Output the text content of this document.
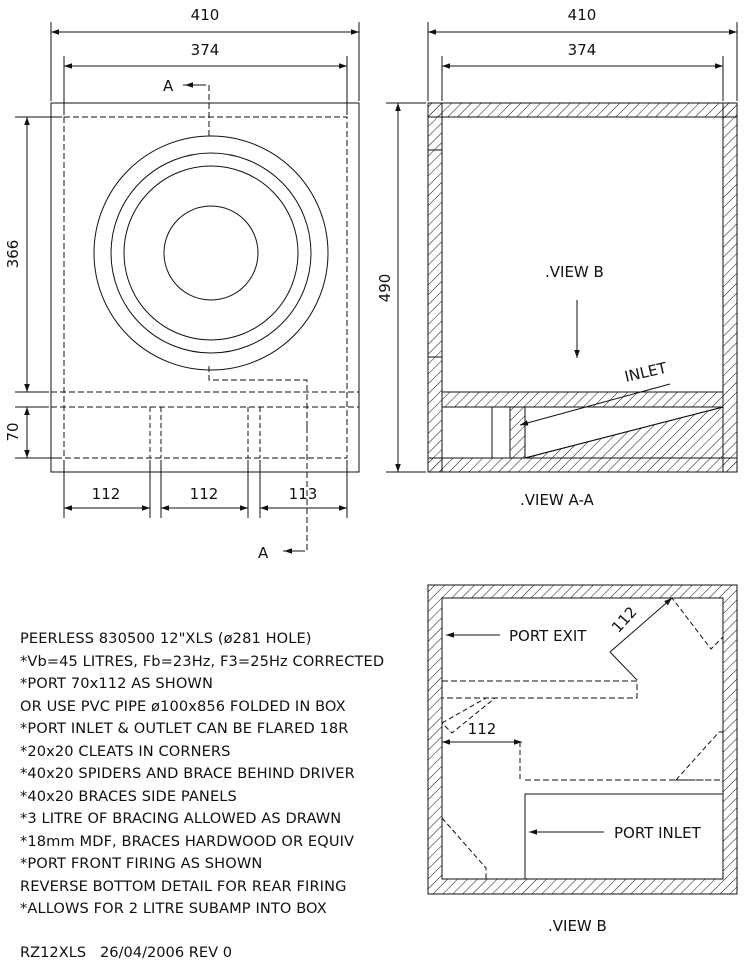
A
A
410
374
366
70
112	112	113
410
374
490
.VIEW B
INLET
.VIEW A-A
PORT EXIT
PORT INLET
112
112
.VIEW B
PEERLESS 830500 12"XLS (ø281 HOLE)
*Vb=45 LITRES, Fb=23Hz, F3=25Hz CORRECTED
*PORT 70x112 AS SHOWN
OR USE PVC PIPE ø100x856 FOLDED IN BOX
*PORT INLET & OUTLET CAN BE FLARED 18R
*20x20 CLEATS IN CORNERS
*40x20 SPIDERS AND BRACE BEHIND DRIVER
*40x20 BRACES SIDE PANELS
*3 LITRE OF BRACING ALLOWED AS DRAWN
*18mm MDF, BRACES HARDWOOD OR EQUIV
*PORT FRONT FIRING AS SHOWN
REVERSE BOTTOM DETAIL FOR REAR FIRING
*ALLOWS FOR 2 LITRE SUBAMP INTO BOX
RZ12XLS   26/04/2006 REV 0
